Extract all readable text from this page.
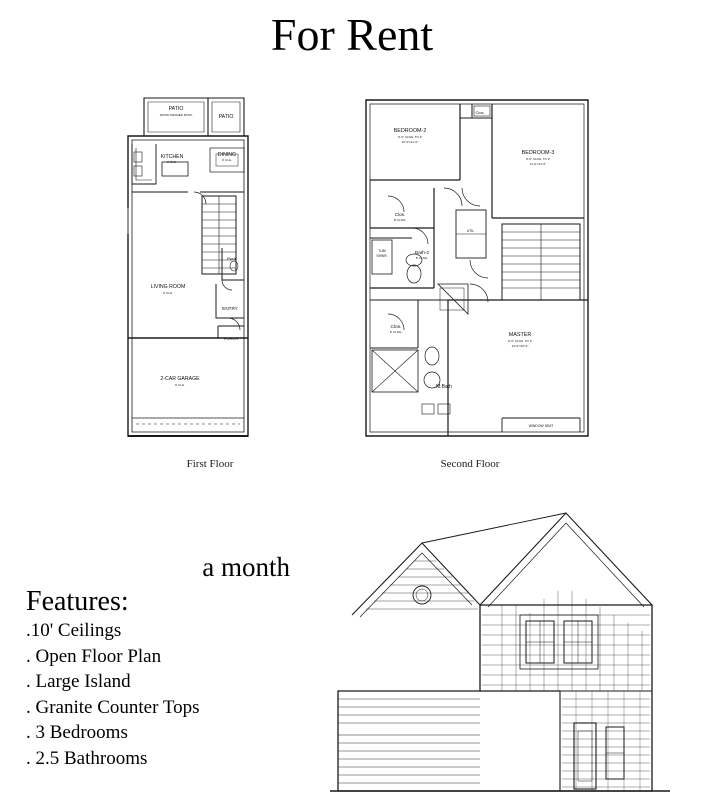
For Rent
PATIO
WOOD FRAMED PATIO	PATIO
KITCHEN
9' CLG.
DINING
9' CLG.
LIVING ROOM
9' CLG.
Pwdr.
ENTRY
PORCH
2-CAR GARAGE
9' CLG.
BEDROOM-2
9'-0" CLNG. TO 9'
10'-0"x11'-0"
BEDROOM-3
9'-0" CLNG. TO 9'
11'-0"x11'-0"
Clos.
Clos.
8' CLNG.
Bath-2
8' CLNG.
TUB/
SHWR.
UTIL.
Clos.
8' CLNG.
M.Bath
MASTER
9'-0" CLNG. TO 9'
13'-0"x15'-0"
WINDOW SEAT
First Floor	Second Floor
a month
Features:
.10' Ceilings
. Open Floor Plan
. Large Island
. Granite Counter Tops
. 3 Bedrooms
. 2.5 Bathrooms
